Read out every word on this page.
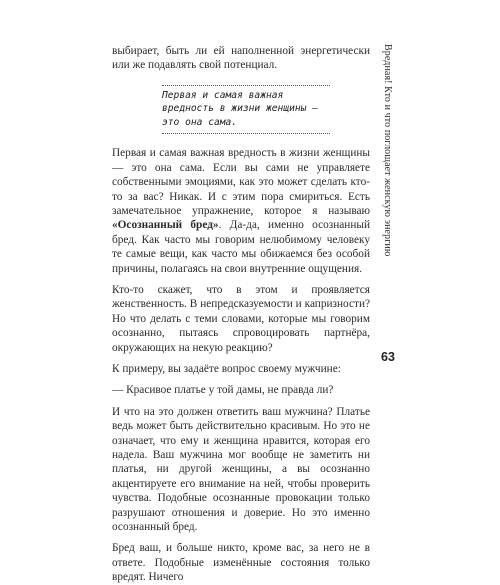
выбирает, быть ли ей наполненной энергетически или же подавлять свой потенциал.

Первая и самая важная вредность в жизни женщины — это она сама.

Первая и самая важная вредность в жизни женщины — это она сама. Если вы сами не управляете собственными эмоциями, как это может сделать кто-то за вас? Никак. И с этим пора смириться. Есть замечательное упражнение, которое я называю «Осознанный бред». Да-да, именно осознанный бред. Как часто мы говорим нелюбимому человеку те самые вещи, как часто мы обижаемся без особой причины, полагаясь на свои внутренние ощущения.

Кто-то скажет, что в этом и проявляется женственность. В непредсказуемости и капризности? Но что делать с теми словами, которые мы говорим осознанно, пытаясь спровоцировать партнёра, окружающих на некую реакцию?

К примеру, вы задаёте вопрос своему мужчине:

— Красивое платье у той дамы, не правда ли?

И что на это должен ответить ваш мужчина? Платье ведь может быть действительно красивым. Но это не означает, что ему и женщина нравится, которая его надела. Ваш мужчина мог вообще не заметить ни платья, ни другой женщины, а вы осознанно акцентируете его внимание на ней, чтобы проверить чувства. Подобные осознанные провокации только разрушают отношения и доверие. Но это именно осознанный бред.

Бред ваш, и больше никто, кроме вас, за него не в ответе. Подобные изменённые состояния только вредят. Ничего

Вредная! Кто и что поглощает женскую энергию
63
